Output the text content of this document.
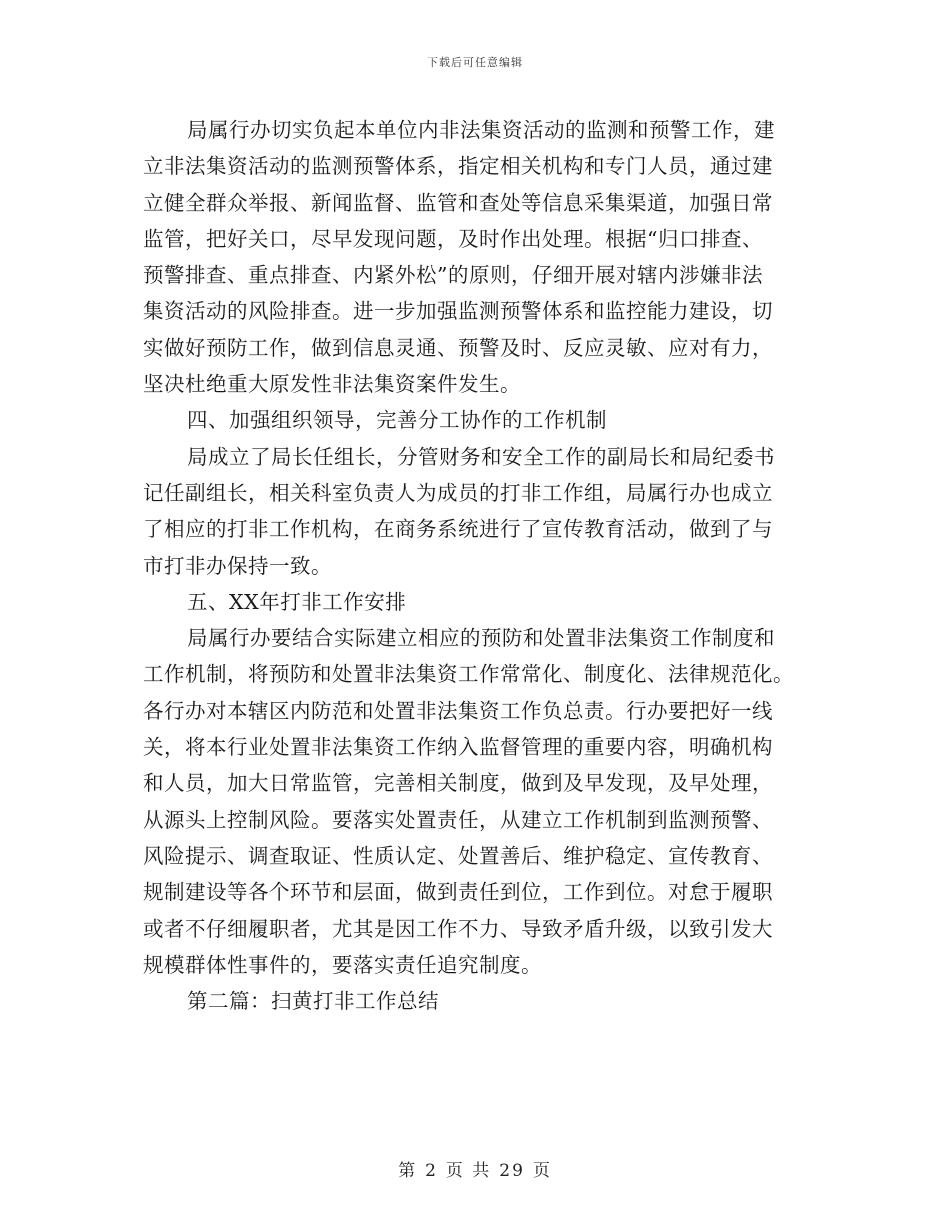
下载后可任意编辑
局属行办切实负起本单位内非法集资活动的监测和预警工作，建
立非法集资活动的监测预警体系，指定相关机构和专门人员，通过建
立健全群众举报、新闻监督、监管和查处等信息采集渠道，加强日常
监管，把好关口，尽早发现问题，及时作出处理。根据“归口排查、
预警排查、重点排查、内紧外松”的原则，仔细开展对辖内涉嫌非法
集资活动的风险排查。进一步加强监测预警体系和监控能力建设，切
实做好预防工作，做到信息灵通、预警及时、反应灵敏、应对有力，
坚决杜绝重大原发性非法集资案件发生。
四、加强组织领导，完善分工协作的工作机制
局成立了局长任组长，分管财务和安全工作的副局长和局纪委书
记任副组长，相关科室负责人为成员的打非工作组，局属行办也成立
了相应的打非工作机构，在商务系统进行了宣传教育活动，做到了与
市打非办保持一致。
五、XX年打非工作安排
局属行办要结合实际建立相应的预防和处置非法集资工作制度和
工作机制，将预防和处置非法集资工作常常化、制度化、法律规范化。
各行办对本辖区内防范和处置非法集资工作负总责。行办要把好一线
关，将本行业处置非法集资工作纳入监督管理的重要内容，明确机构
和人员，加大日常监管，完善相关制度，做到及早发现，及早处理，
从源头上控制风险。要落实处置责任，从建立工作机制到监测预警、
风险提示、调查取证、性质认定、处置善后、维护稳定、宣传教育、
规制建设等各个环节和层面，做到责任到位，工作到位。对怠于履职
或者不仔细履职者，尤其是因工作不力、导致矛盾升级，以致引发大
规模群体性事件的，要落实责任追究制度。
第二篇：扫黄打非工作总结
第 2 页 共 29 页
